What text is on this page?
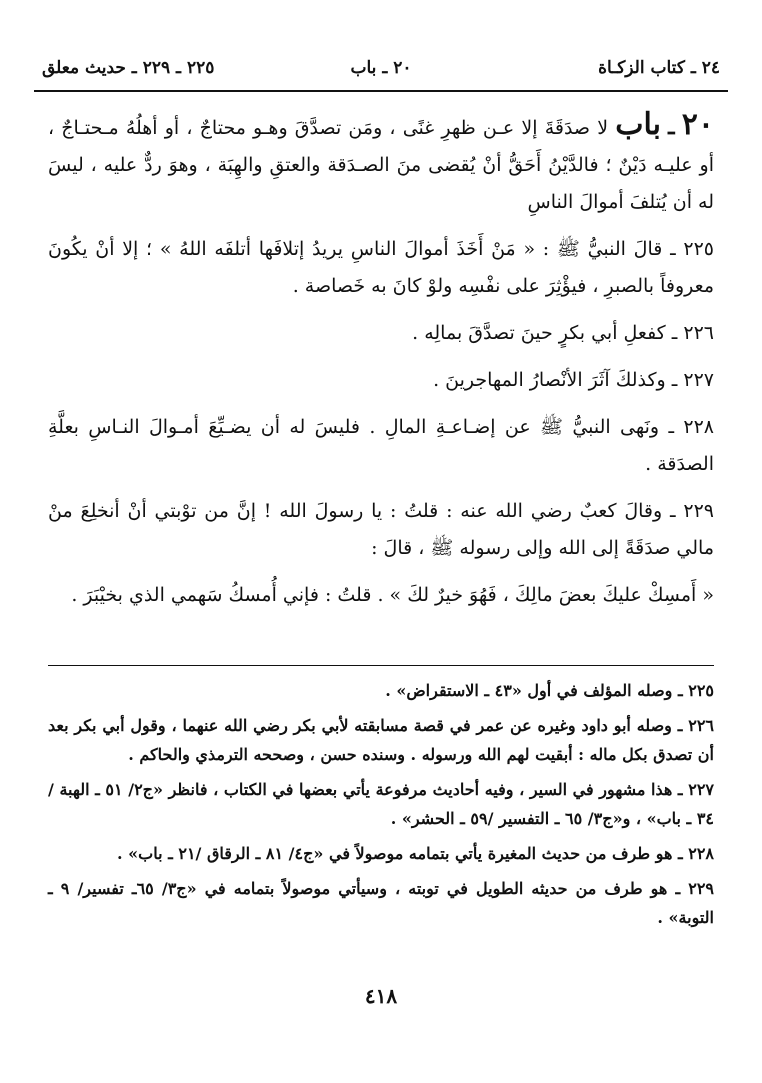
٢٤ ـ كتاب الزكـاة
٢٠ ـ باب
٢٢٥ ـ ٢٢٩ ـ حديث معلق

٢٠ ـ باب لا صدَقَةَ إلا عـن ظهرِ غنًى ، ومَن تصدَّقَ وهـو محتاجٌ ، أو أهلُهُ مـحتـاجٌ ، أو عليـه دَيْنٌ ؛ فالدَّيْنُ أَحَقُّ أنْ يُقضى منَ الصـدَقة والعتقِ والهِبَة ، وهوَ ردٌّ عليه ، ليسَ له أن يُتلفَ أموالَ الناسِ

٢٢٥ ـ قالَ النبيُّ ﷺ : « مَنْ أَخَذَ أموالَ الناسِ يريدُ إتلافَها أتلفَه اللهُ » ؛ إلا أنْ يكُونَ معروفاً بالصبرِ ، فيؤْثِرَ على نفْسِه ولوْ كانَ به خَصاصة .

٢٢٦ ـ كفعلِ أبي بكرٍ حينَ تصدَّقَ بمالِه .

٢٢٧ ـ وكذلكَ آثَرَ الأنْصارُ المهاجرينَ .

٢٢٨ ـ ونَهى النبيُّ ﷺ عن إضـاعـةِ المالِ . فليسَ له أن يضـيِّعَ أمـوالَ النـاسِ بعلَّةِ الصدَقة .

٢٢٩ ـ وقالَ كعبٌ رضي الله عنه : قلتُ : يا رسولَ الله ! إنَّ من توْبتي أنْ أنخلِعَ منْ مالي صدَقَةً إلى الله وإلى رسوله ﷺ ، قالَ :

« أَمسِكْ عليكَ بعضَ مالِكَ ، فَهُوَ خيرٌ لكَ » . قلتُ : فإني أُمسكُ سَهمي الذي بخيْبَرَ .

٢٢٥ ـ وصله المؤلف في أول «٤٣ ـ الاستقراض» .

٢٢٦ ـ وصله أبو داود وغيره عن عمر في قصة مسابقته لأبي بكر رضي الله عنهما ، وقول أبي بكر بعد أن تصدق بكل ماله : أبقيت لهم الله ورسوله . وسنده حسن ، وصححه الترمذي والحاكم .

٢٢٧ ـ هذا مشهور في السير ، وفيه أحاديث مرفوعة يأتي بعضها في الكتاب ، فانظر «ج٢/ ٥١ ـ الهبة /٣٤ ـ باب» ، و«ج٣/ ٦٥ ـ التفسير /٥٩ ـ الحشر» .

٢٢٨ ـ هو طرف من حديث المغيرة يأتي بتمامه موصولاً في «ج٤/ ٨١ ـ الرقاق /٢١ ـ باب» .

٢٢٩ ـ هو طرف من حديثه الطويل في توبته ، وسيأتي موصولاً بتمامه في «ج٣/ ٦٥ـ تفسير/ ٩ ـ التوبة» .

٤١٨
